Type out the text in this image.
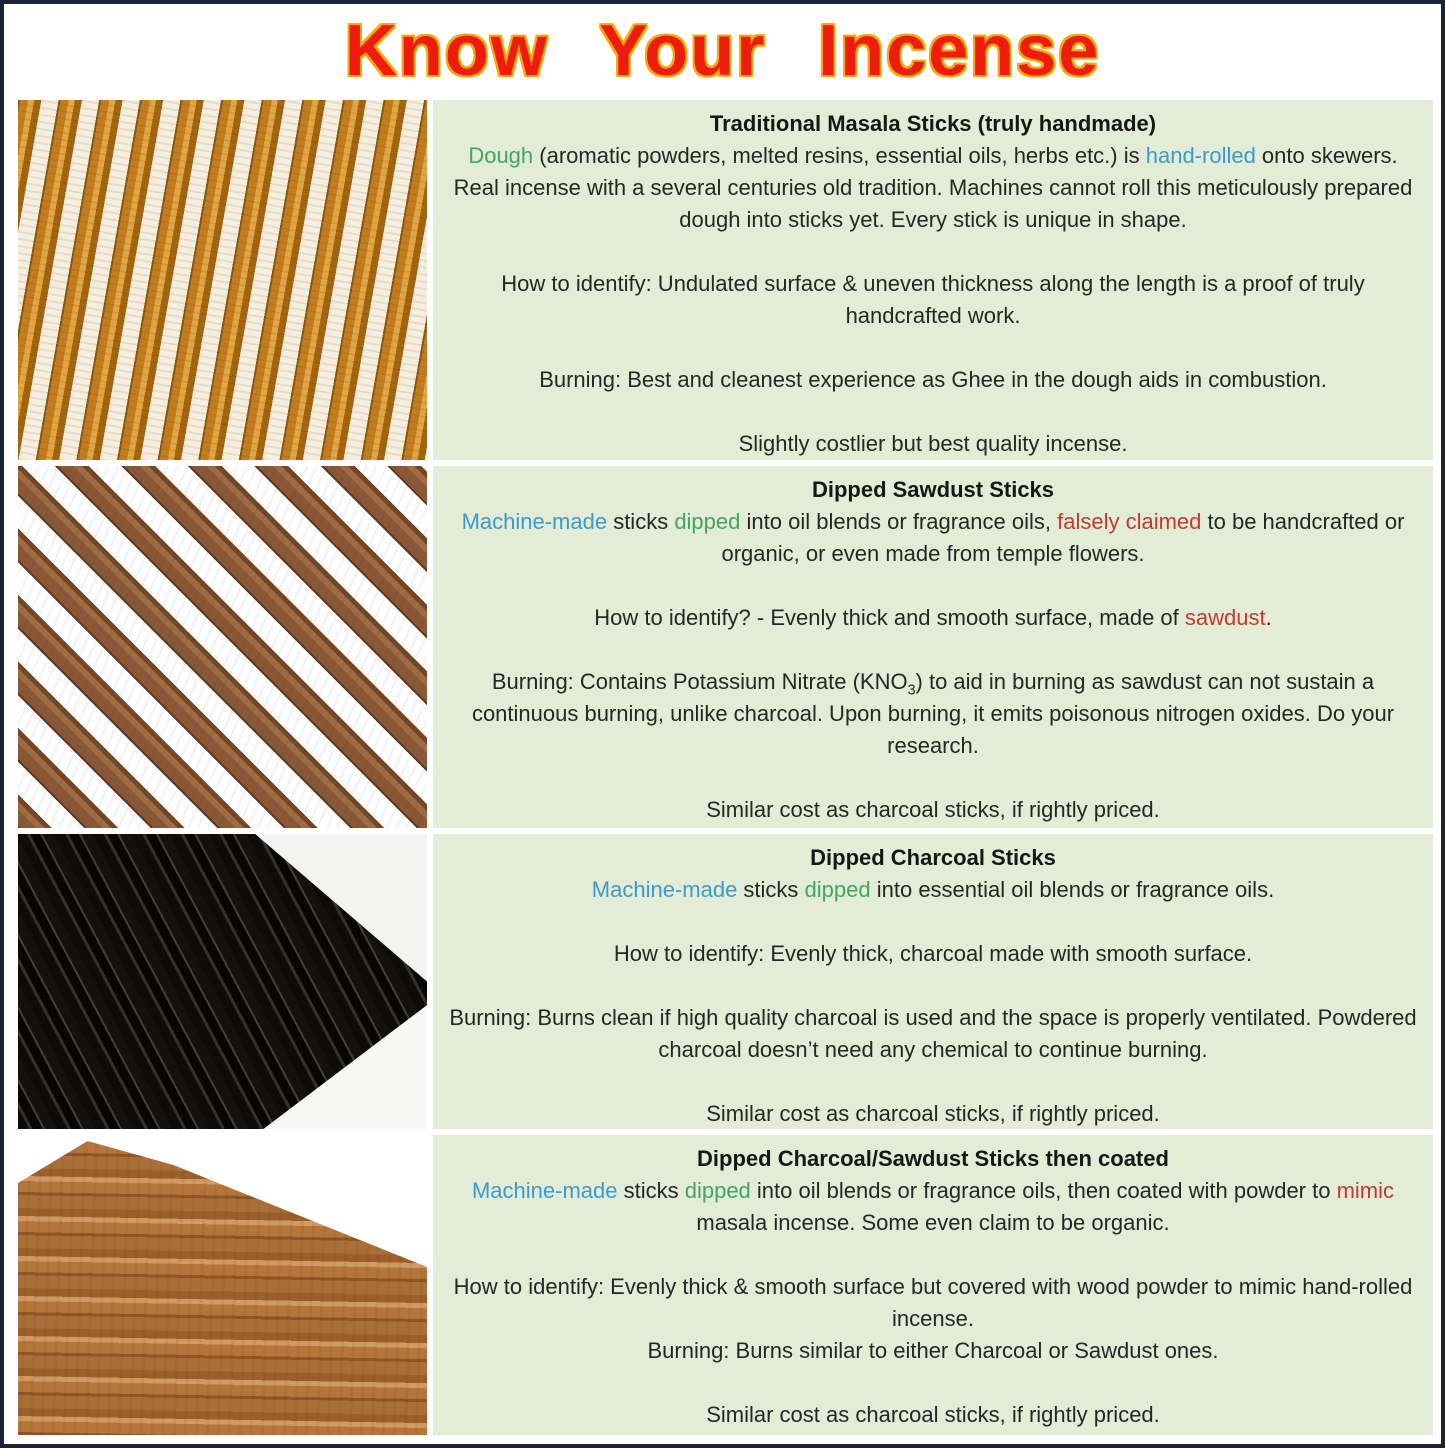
Know Your Incense
Traditional Masala Sticks (truly handmade)

Dough (aromatic powders, melted resins, essential oils, herbs etc.) is hand-rolled onto skewers. Real incense with a several centuries old tradition. Machines cannot roll this meticulously prepared dough into sticks yet. Every stick is unique in shape.

How to identify: Undulated surface & uneven thickness along the length is a proof of truly handcrafted work.

Burning: Best and cleanest experience as Ghee in the dough aids in combustion.

Slightly costlier but best quality incense.

Dipped Sawdust Sticks

Machine-made sticks dipped into oil blends or fragrance oils, falsely claimed to be handcrafted or organic, or even made from temple flowers.

How to identify? - Evenly thick and smooth surface, made of sawdust.

Burning: Contains Potassium Nitrate $(KNO_3)$ to aid in burning as sawdust can not sustain a continuous burning, unlike charcoal. Upon burning, it emits poisonous nitrogen oxides. Do your research.

Similar cost as charcoal sticks, if rightly priced.

Dipped Charcoal Sticks

Machine-made sticks dipped into essential oil blends or fragrance oils.

How to identify: Evenly thick, charcoal made with smooth surface.

Burning: Burns clean if high quality charcoal is used and the space is properly ventilated. Powdered charcoal doesn’t need any chemical to continue burning.

Similar cost as charcoal sticks, if rightly priced.

Dipped Charcoal/Sawdust Sticks then coated

Machine-made sticks dipped into oil blends or fragrance oils, then coated with powder to mimic masala incense. Some even claim to be organic.

How to identify: Evenly thick & smooth surface but covered with wood powder to mimic hand-rolled incense.

Burning: Burns similar to either Charcoal or Sawdust ones.

Similar cost as charcoal sticks, if rightly priced.
